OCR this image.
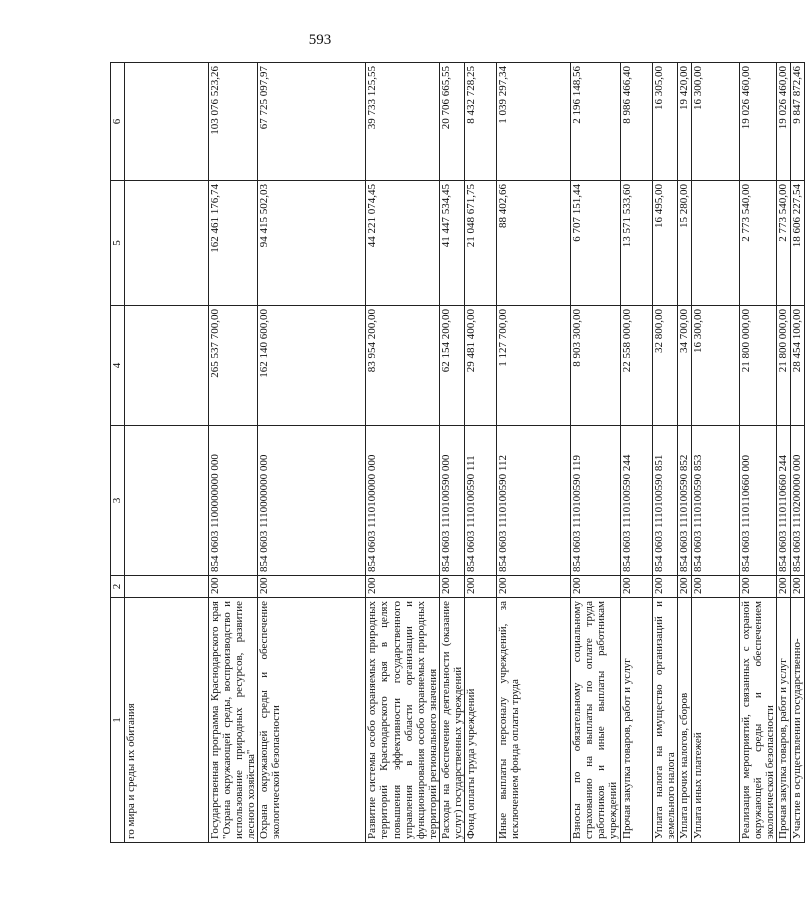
593
1	2	3	4	5	6
го мира и среды их обитания					
Государственная программа Краснодарского края "Охрана окружающей среды, воспроизводство и использование природных ресурсов, развитие лесного хозяйства"	200	854 0603 1100000000 000	265 537 700,00	162 461 176,74	103 076 523,26
Охрана окружающей среды и обеспечение экологической безопасности	200	854 0603 1110000000 000	162 140 600,00	94 415 502,03	67 725 097,97
Развитие системы особо охраняемых природных территорий Краснодарского края в целях повышения эффективности государственного управления в области организации и функционирования особо охраняемых природных территорий регионального значения	200	854 0603 1110100000 000	83 954 200,00	44 221 074,45	39 733 125,55
Расходы на обеспечение деятельности (оказание услуг) государственных учреждений	200	854 0603 1110100590 000	62 154 200,00	41 447 534,45	20 706 665,55
Фонд оплаты труда учреждений	200	854 0603 1110100590 111	29 481 400,00	21 048 671,75	8 432 728,25
Иные выплаты персоналу учреждений, за исключением фонда оплаты труда	200	854 0603 1110100590 112	1 127 700,00	88 402,66	1 039 297,34
Взносы по обязательному социальному страхованию на выплаты по оплате труда работников и иные выплаты работникам учреждений	200	854 0603 1110100590 119	8 903 300,00	6 707 151,44	2 196 148,56
Прочая закупка товаров, работ и услуг	200	854 0603 1110100590 244	22 558 000,00	13 571 533,60	8 986 466,40
Уплата налога на имущество организаций и земельного налога	200	854 0603 1110100590 851	32 800,00	16 495,00	16 305,00
Уплата прочих налогов, сборов	200	854 0603 1110100590 852	34 700,00	15 280,00	19 420,00
Уплата иных платежей	200	854 0603 1110100590 853	16 300,00		16 300,00
Реализация мероприятий, связанных с охраной окружающей среды и обеспечением экологической безопасности	200	854 0603 1110110660 000	21 800 000,00	2 773 540,00	19 026 460,00
Прочая закупка товаров, работ и услуг	200	854 0603 1110110660 244	21 800 000,00	2 773 540,00	19 026 460,00
Участие в осуществлении государственно-	200	854 0603 1110200000 000	28 454 100,00	18 606 227,54	9 847 872,46
